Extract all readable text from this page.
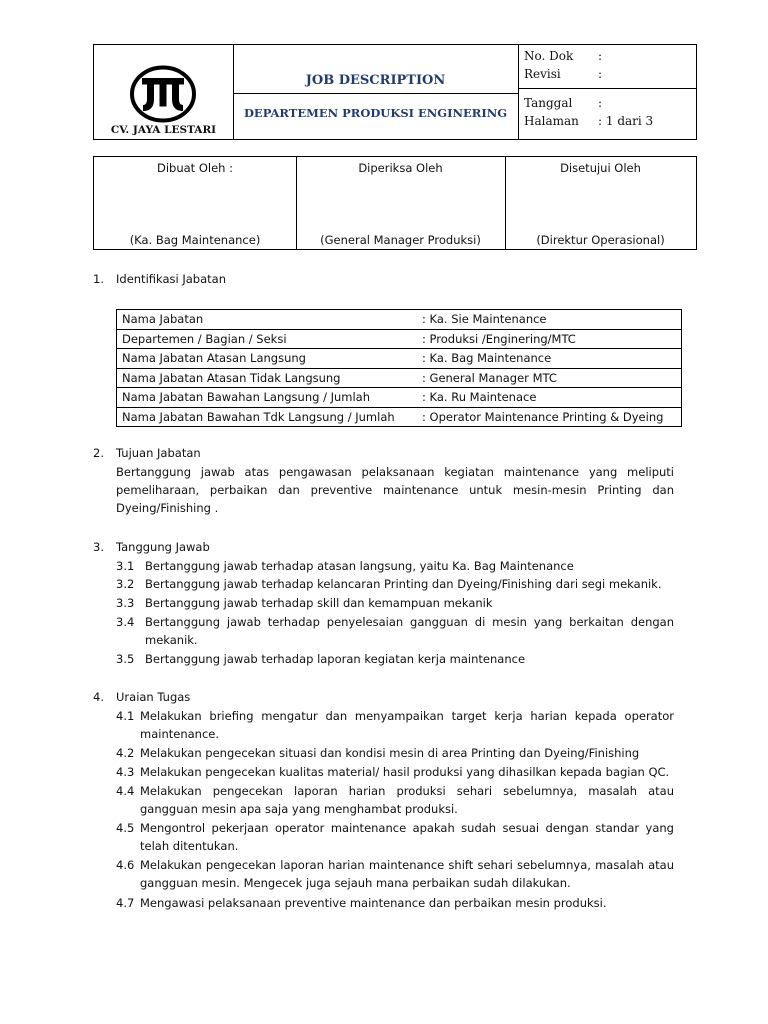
CV. JAYA LESTARI
JOB DESCRIPTION
DEPARTEMEN PRODUKSI ENGINERING
No. Dok :
Revisi	:
Tanggal :
Halaman : 1 dari 3
Dibuat Oleh :
(Ka. Bag Maintenance)
Diperiksa Oleh
(General Manager Produksi)
Disetujui Oleh
(Direktur Operasional)
1. Identifikasi Jabatan
Nama Jabatan	: Ka. Sie Maintenance
Departemen / Bagian / Seksi	: Produksi /Enginering/MTC
Nama Jabatan Atasan Langsung	: Ka. Bag Maintenance
Nama Jabatan Atasan Tidak Langsung	: General Manager MTC
Nama Jabatan Bawahan Langsung / Jumlah	: Ka. Ru Maintenace
Nama Jabatan Bawahan Tdk Langsung / Jumlah	: Operator Maintenance Printing & Dyeing
2. Tujuan Jabatan
Bertanggung jawab atas pengawasan pelaksanaan kegiatan maintenance yang meliputi pemeliharaan, perbaikan dan preventive maintenance untuk mesin-mesin Printing dan Dyeing/Finishing .
3. Tanggung Jawab
3.1 Bertanggung jawab terhadap atasan langsung, yaitu Ka. Bag Maintenance
3.2 Bertanggung jawab terhadap kelancaran Printing dan Dyeing/Finishing dari segi mekanik.
3.3 Bertanggung jawab terhadap skill dan kemampuan mekanik
3.4 Bertanggung jawab terhadap penyelesaian gangguan di mesin yang berkaitan dengan mekanik.
3.5 Bertanggung jawab terhadap laporan kegiatan kerja maintenance
4. Uraian Tugas
4.1 Melakukan briefing mengatur dan menyampaikan target kerja harian kepada operator maintenance.
4.2 Melakukan pengecekan situasi dan kondisi mesin di area Printing dan Dyeing/Finishing
4.3 Melakukan pengecekan kualitas material/ hasil produksi yang dihasilkan kepada bagian QC.
4.4 Melakukan pengecekan laporan harian produksi sehari sebelumnya, masalah atau gangguan mesin apa saja yang menghambat produksi.
4.5 Mengontrol pekerjaan operator maintenance apakah sudah sesuai dengan standar yang telah ditentukan.
4.6 Melakukan pengecekan laporan harian maintenance shift sehari sebelumnya, masalah atau gangguan mesin. Mengecek juga sejauh mana perbaikan sudah dilakukan.
4.7 Mengawasi pelaksanaan preventive maintenance dan perbaikan mesin produksi.
